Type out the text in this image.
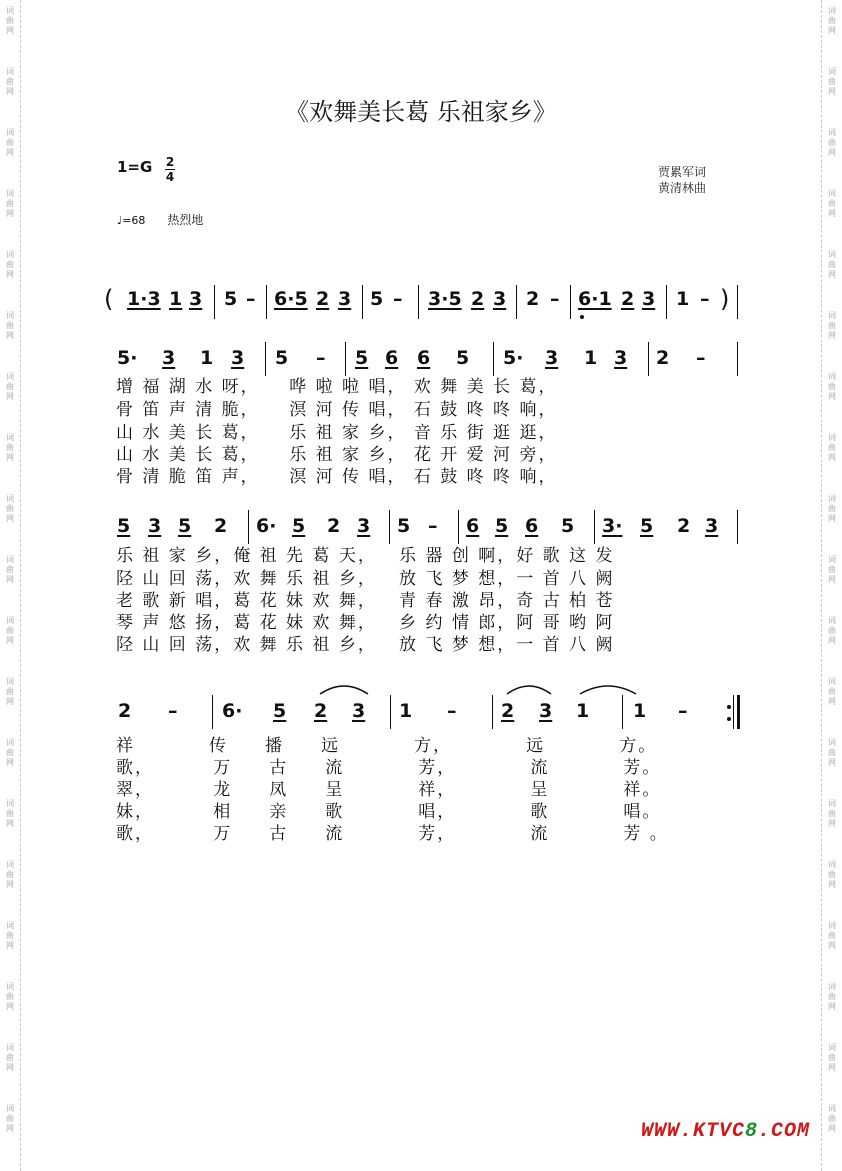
词
曲
网
词
曲
网
词
曲
网
词
曲
网
词
曲
网
词
曲
网
词
曲
网
词
曲
网
词
曲
网
词
曲
网
词
曲
网
词
曲
网
词
曲
网
词
曲
网
词
曲
网
词
曲
网
词
曲
网
词
曲
网
词
曲
网
词
曲
网
词
曲
网
词
曲
网
词
曲
网
词
曲
网
词
曲
网
词
曲
网
词
曲
网
词
曲
网
词
曲
网
词
曲
网
词
曲
网
词
曲
网
词
曲
网
词
曲
网
词
曲
网
词
曲
网
词
曲
网
词
曲
网
《欢舞美长葛 乐祖家乡》
1=G 2
4	贾累军词
黄清林曲
♩=68 热烈地
( 1·3 1 3 5 – 6·5 2 3 5 – 3·5 2 3 2 – 6·1 2 3 1 – )
5· 3 1 3 5 – 5 6 6 5 5· 3 1 3 2 –
增 福 湖 水 呀，    哗 啦 啦 唱， 欢 舞 美 长 葛，
骨 笛 声 清 脆，    溟 河 传 唱， 石 鼓 咚 咚 响，
山 水 美 长 葛，    乐 祖 家 乡， 音 乐 街 逛 逛，
山 水 美 长 葛，    乐 祖 家 乡， 花 开 爱 河 旁，
骨 清 脆 笛 声，    溟 河 传 唱， 石 鼓 咚 咚 响，
5 3 5 2 6· 5 2 3 5 – 6 5 6 5 3· 5 2 3
乐 祖 家 乡，俺 祖 先 葛 天，   乐 器 创 啊，好 歌 这 发
陉 山 回 荡，欢 舞 乐 祖 乡，   放 飞 梦 想，一 首 八 阙
老 歌 新 唱，葛 花 妹 欢 舞，   青 春 激 昂，奇 古 柏 苍
琴 声 悠 扬，葛 花 妹 欢 舞，   乡 约 情 郎，阿 哥 哟 阿
陉 山 回 荡，欢 舞 乐 祖 乡，   放 飞 梦 想，一 首 八 阙
2 – 6· 5 2 3 1 – 2 3 1 1 –
祥          传     播     远          方，          远          方。
歌，        万     古     流          芳，          流          芳。
翠，        龙     凤     呈          祥，          呈          祥。
妹，        相     亲     歌          唱，          歌          唱。
歌，        万     古     流          芳，          流          芳 。
WWW.KTVC8.COM
